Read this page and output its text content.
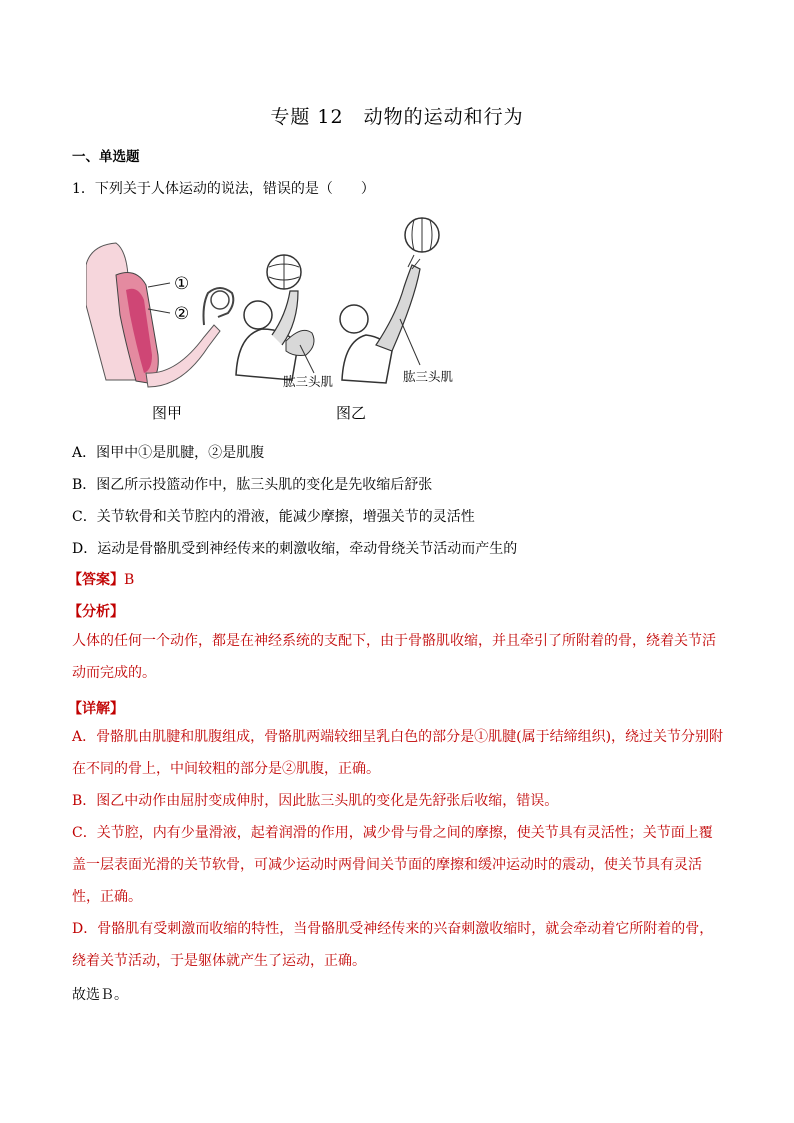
专题 12　动物的运动和行为
一、单选题
1．下列关于人体运动的说法，错误的是（　　）
①
②
肱三头肌	肱三头肌
图甲	图乙
A．图甲中①是肌腱，②是肌腹
B．图乙所示投篮动作中，肱三头肌的变化是先收缩后舒张
C．关节软骨和关节腔内的滑液，能减少摩擦，增强关节的灵活性
D．运动是骨骼肌受到神经传来的刺激收缩，牵动骨绕关节活动而产生的
【答案】B
【分析】
人体的任何一个动作，都是在神经系统的支配下，由于骨骼肌收缩，并且牵引了所附着的骨，绕着关节活动而完成的。
【详解】
A．骨骼肌由肌腱和肌腹组成，骨骼肌两端较细呈乳白色的部分是①肌腱(属于结缔组织)，绕过关节分别附在不同的骨上，中间较粗的部分是②肌腹，正确。
B．图乙中动作由屈肘变成伸肘，因此肱三头肌的变化是先舒张后收缩，错误。
C．关节腔，内有少量滑液，起着润滑的作用，减少骨与骨之间的摩擦，使关节具有灵活性；关节面上覆盖一层表面光滑的关节软骨，可减少运动时两骨间关节面的摩擦和缓冲运动时的震动，使关节具有灵活性，正确。
D．骨骼肌有受刺激而收缩的特性，当骨骼肌受神经传来的兴奋刺激收缩时，就会牵动着它所附着的骨，绕着关节活动，于是躯体就产生了运动，正确。
故选Ｂ。
